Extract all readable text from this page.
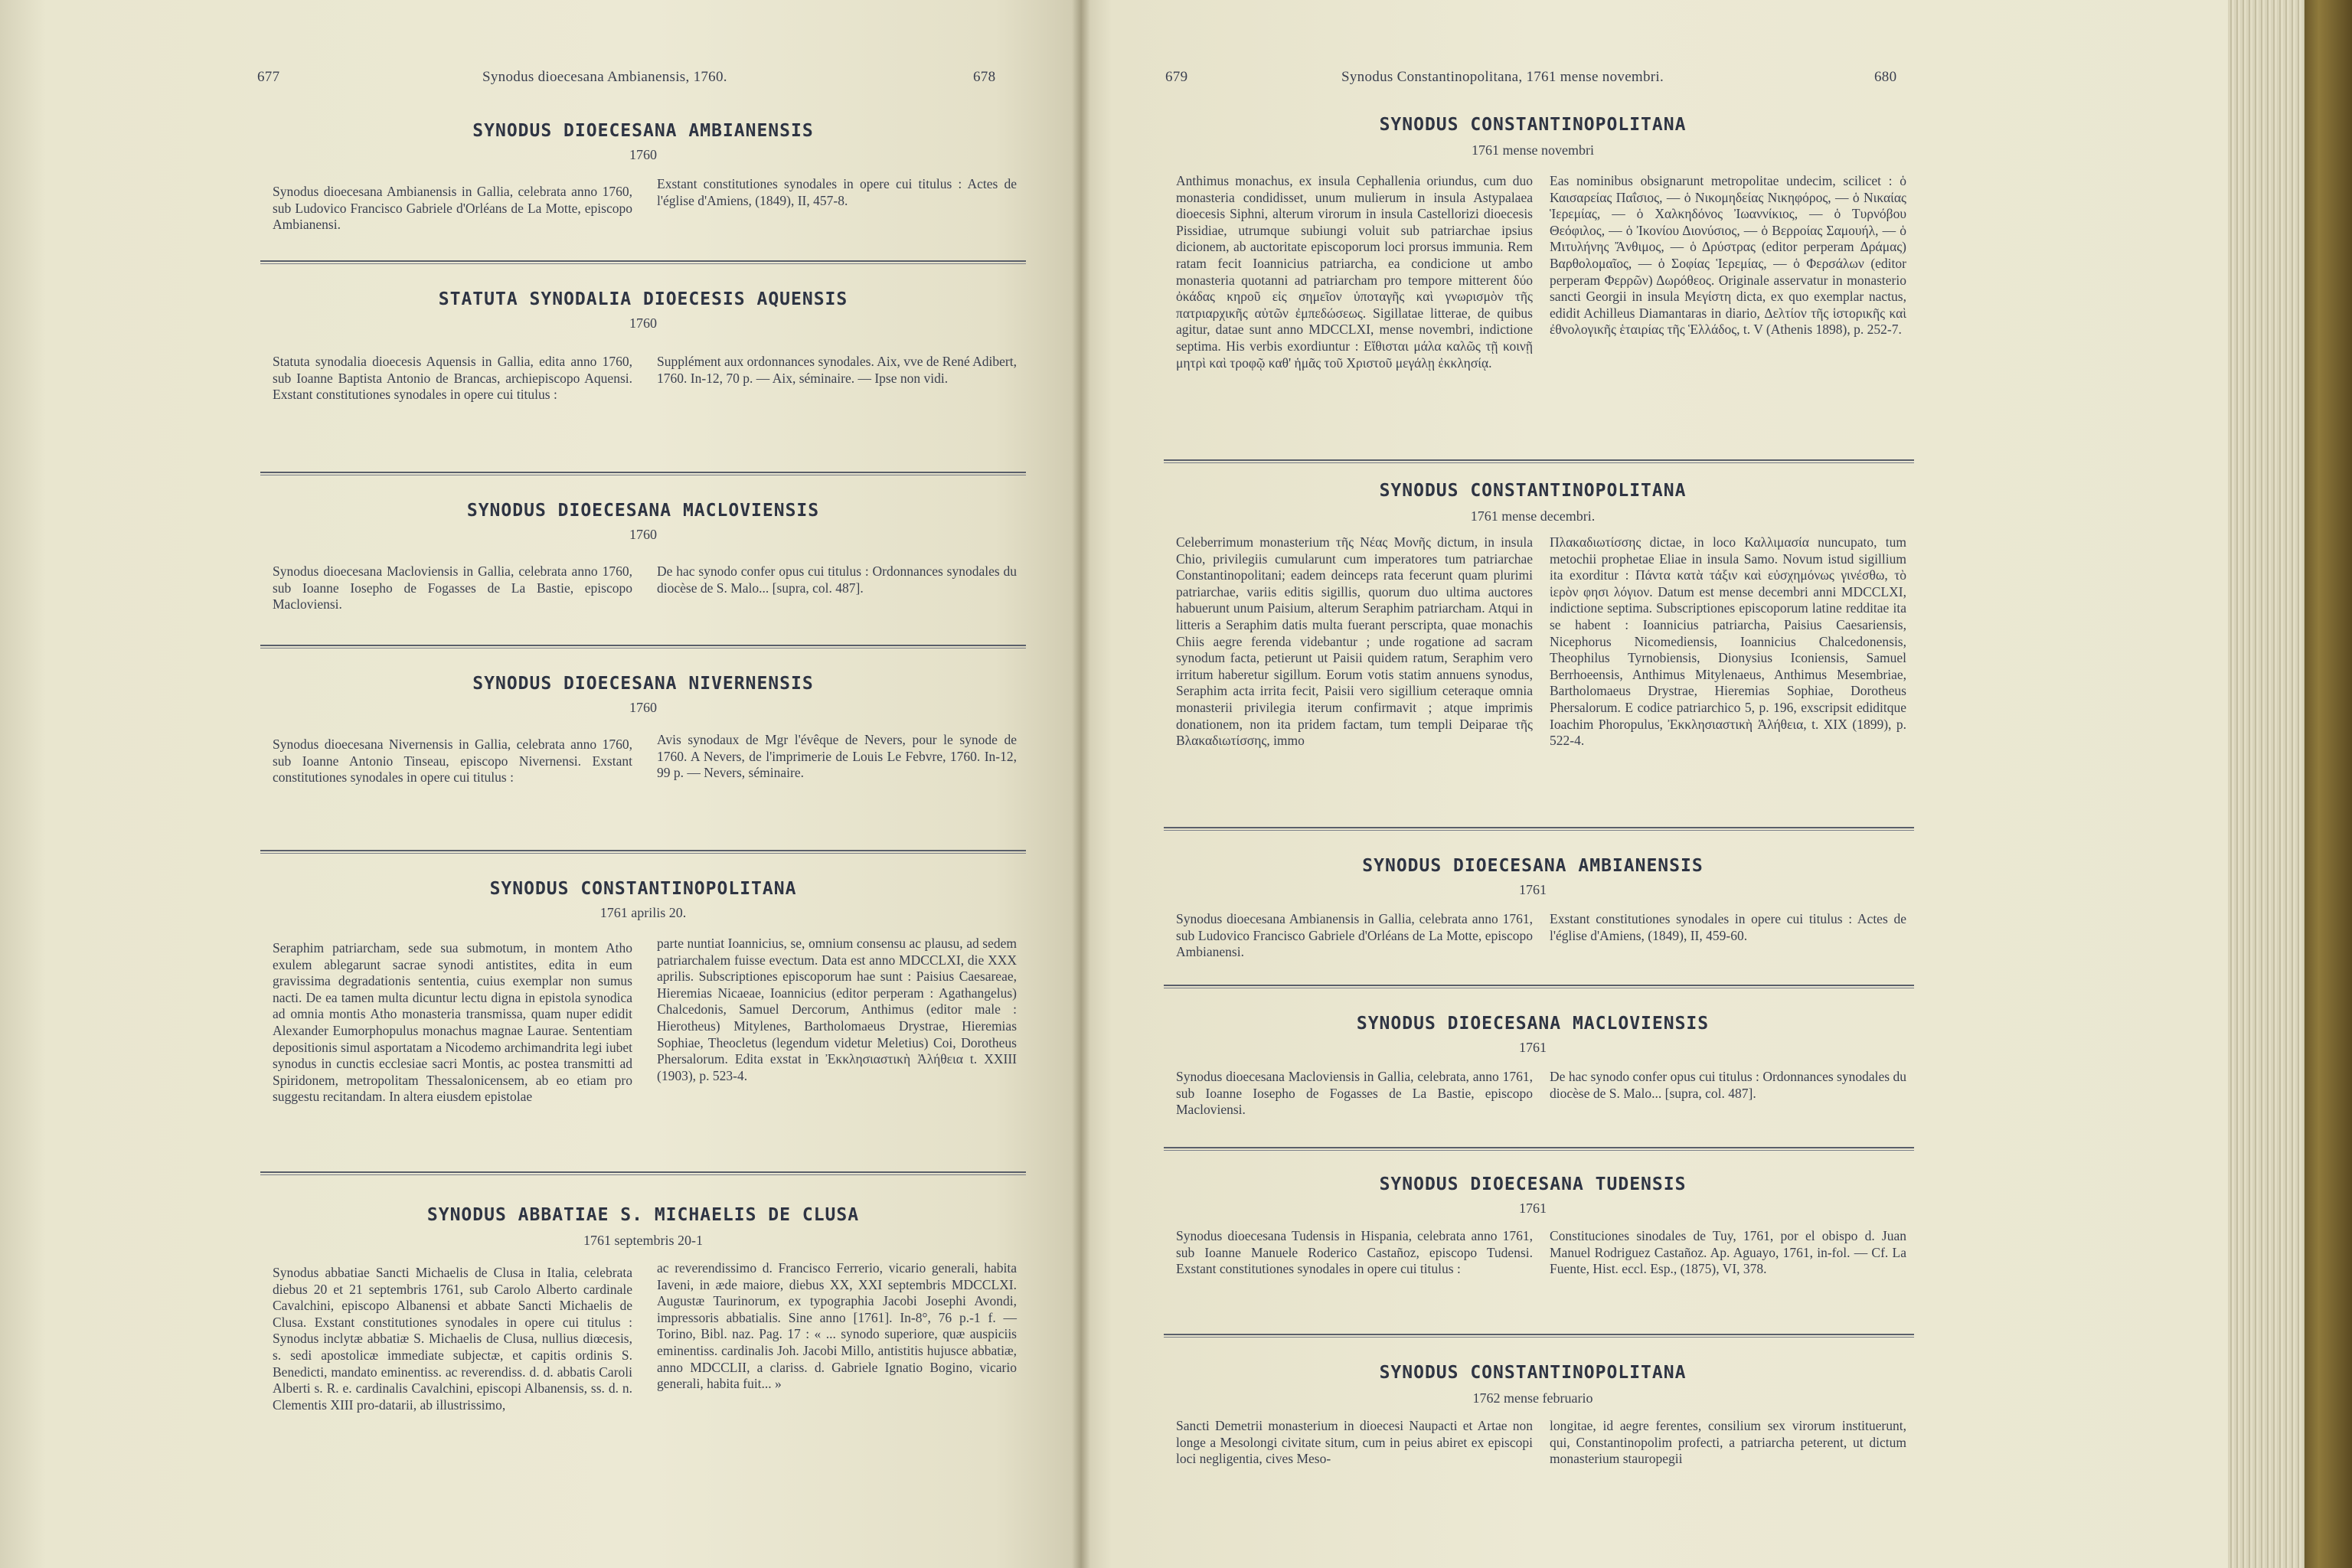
677	Synodus dioecesana Ambianensis, 1760.	678
SYNODUS DIOECESANA AMBIANENSIS
1760
Synodus dioecesana Ambianensis in Gallia, celebrata anno 1760, sub Ludovico Francisco Gabriele d'Orléans de La Motte, episcopo Ambianensi.
Exstant constitutiones synodales in opere cui titulus : Actes de l'église d'Amiens, (1849), II, 457-8.
STATUTA SYNODALIA DIOECESIS AQUENSIS
1760
Statuta synodalia dioecesis Aquensis in Gallia, edita anno 1760, sub Ioanne Baptista Antonio de Brancas, archiepiscopo Aquensi. Exstant constitutiones synodales in opere cui titulus :
Supplément aux ordonnances synodales. Aix, vve de René Adibert, 1760. In-12, 70 p. — Aix, séminaire. — Ipse non vidi.
SYNODUS DIOECESANA MACLOVIENSIS
1760
Synodus dioecesana Macloviensis in Gallia, celebrata anno 1760, sub Ioanne Iosepho de Fogasses de La Bastie, episcopo Macloviensi.
De hac synodo confer opus cui titulus : Ordonnances synodales du diocèse de S. Malo... [supra, col. 487].
SYNODUS DIOECESANA NIVERNENSIS
1760
Synodus dioecesana Nivernensis in Gallia, celebrata anno 1760, sub Ioanne Antonio Tinseau, episcopo Nivernensi. Exstant constitutiones synodales in opere cui titulus :
Avis synodaux de Mgr l'évêque de Nevers, pour le synode de 1760. A Nevers, de l'imprimerie de Louis Le Febvre, 1760. In-12, 99 p. — Nevers, séminaire.
SYNODUS CONSTANTINOPOLITANA
1761 aprilis 20.
Seraphim patriarcham, sede sua submotum, in montem Atho exulem ablegarunt sacrae synodi antistites, edita in eum gravissima degradationis sententia, cuius exemplar non sumus nacti. De ea tamen multa dicuntur lectu digna in epistola synodica ad omnia montis Atho monasteria transmissa, quam nuper edidit Alexander Eumorphopulus monachus magnae Laurae. Sententiam depositionis simul asportatam a Nicodemo archimandrita legi iubet synodus in cunctis ecclesiae sacri Montis, ac postea transmitti ad Spiridonem, metropolitam Thessalonicensem, ab eo etiam pro suggestu recitandam. In altera eiusdem epistolae
parte nuntiat Ioannicius, se, omnium consensu ac plausu, ad sedem patriarchalem fuisse evectum. Data est anno MDCCLXI, die XXX aprilis. Subscriptiones episcoporum hae sunt : Paisius Caesareae, Hieremias Nicaeae, Ioannicius (editor perperam : Agathangelus) Chalcedonis, Samuel Dercorum, Anthimus (editor male : Hierotheus) Mitylenes, Bartholomaeus Drystrae, Hieremias Sophiae, Theocletus (legendum videtur Meletius) Coi, Dorotheus Phersalorum. Edita exstat in Ἐκκλησιαστικὴ Ἀλήθεια t. XXIII (1903), p. 523-4.
SYNODUS ABBATIAE S. MICHAELIS DE CLUSA
1761 septembris 20-1
Synodus abbatiae Sancti Michaelis de Clusa in Italia, celebrata diebus 20 et 21 septembris 1761, sub Carolo Alberto cardinale Cavalchini, episcopo Albanensi et abbate Sancti Michaelis de Clusa. Exstant constitutiones synodales in opere cui titulus : Synodus inclytæ abbatiæ S. Michaelis de Clusa, nullius diœcesis, s. sedi apostolicæ immediate subjectæ, et capitis ordinis S. Benedicti, mandato eminentiss. ac reverendiss. d. d. abbatis Caroli Alberti s. R. e. cardinalis Cavalchini, episcopi Albanensis, ss. d. n. Clementis XIII pro-datarii, ab illustrissimo,
ac reverendissimo d. Francisco Ferrerio, vicario generali, habita Iaveni, in æde maiore, diebus XX, XXI septembris MDCCLXI. Augustæ Taurinorum, ex typographia Jacobi Josephi Avondi, impressoris abbatialis. Sine anno [1761]. In-8°, 76 p.-1 f. — Torino, Bibl. naz. Pag. 17 : « ... synodo superiore, quæ auspiciis eminentiss. cardinalis Joh. Jacobi Millo, antistitis hujusce abbatiæ, anno MDCCLII, a clariss. d. Gabriele Ignatio Bogino, vicario generali, habita fuit... »
679	Synodus Constantinopolitana, 1761 mense novembri.	680
SYNODUS CONSTANTINOPOLITANA
1761 mense novembri
Anthimus monachus, ex insula Cephallenia oriundus, cum duo monasteria condidisset, unum mulierum in insula Astypalaea dioecesis Siphni, alterum virorum in insula Castellorizi dioecesis Pissidiae, utrumque subiungi voluit sub patriarchae ipsius dicionem, ab auctoritate episcoporum loci prorsus immunia. Rem ratam fecit Ioannicius patriarcha, ea condicione ut ambo monasteria quotanni ad patriarcham pro tempore mitterent δύο ὀκάδας κηροῦ εἰς σημεῖον ὑποταγῆς καὶ γνωρισμὸν τῆς πατριαρχικῆς αὐτῶν ἐμπεδώσεως. Sigillatae litterae, de quibus agitur, datae sunt anno MDCCLXI, mense novembri, indictione septima. His verbis exordiuntur : Εἴθισται μάλα καλῶς τῇ κοινῇ μητρὶ καὶ τροφῷ καθ' ἡμᾶς τοῦ Χριστοῦ μεγάλῃ ἐκκλησίᾳ.
Eas nominibus obsignarunt metropolitae undecim, scilicet : ὁ Καισαρείας Παΐσιος, — ὁ Νικομηδείας Νικηφόρος, — ὁ Νικαίας Ἱερεμίας, — ὁ Χαλκηδόνος Ἰωαννίκιος, — ὁ Τυρνόβου Θεόφιλος, — ὁ Ἰκονίου Διονύσιος, — ὁ Βερροίας Σαμουήλ, — ὁ Μιτυλήνης Ἄνθιμος, — ὁ Δρύστρας (editor perperam Δράμας) Βαρθολομαῖος, — ὁ Σοφίας Ἱερεμίας, — ὁ Φερσάλων (editor perperam Φερρῶν) Δωρόθεος. Originale asservatur in monasterio sancti Georgii in insula Μεγίστη dicta, ex quo exemplar nactus, edidit Achilleus Diamantaras in diario, Δελτίον τῆς ἱστορικῆς καὶ ἐθνολογικῆς ἑταιρίας τῆς Ἑλλάδος, t. V (Athenis 1898), p. 252-7.
SYNODUS CONSTANTINOPOLITANA
1761 mense decembri.
Celeberrimum monasterium τῆς Νέας Μονῆς dictum, in insula Chio, privilegiis cumularunt cum imperatores tum patriarchae Constantinopolitani; eadem deinceps rata fecerunt quam plurimi patriarchae, variis editis sigillis, quorum duo ultima auctores habuerunt unum Paisium, alterum Seraphim patriarcham. Atqui in litteris a Seraphim datis multa fuerant perscripta, quae monachis Chiis aegre ferenda videbantur ; unde rogatione ad sacram synodum facta, petierunt ut Paisii quidem ratum, Seraphim vero irritum haberetur sigillum. Eorum votis statim annuens synodus, Seraphim acta irrita fecit, Paisii vero sigillium ceteraque omnia monasterii privilegia iterum confirmavit ; atque imprimis donationem, non ita pridem factam, tum templi Deiparae τῆς Βλακαδιωτίσσης, immo
Πλακαδιωτίσσης dictae, in loco Καλλιμασία nuncupato, tum metochii prophetae Eliae in insula Samo. Novum istud sigillium ita exorditur : Πάντα κατὰ τάξιν καὶ εὐσχημόνως γινέσθω, τὸ ἱερὸν φησι λόγιον. Datum est mense decembri anni MDCCLXI, indictione septima. Subscriptiones episcoporum latine redditae ita se habent : Ioannicius patriarcha, Paisius Caesariensis, Nicephorus Nicomediensis, Ioannicius Chalcedonensis, Theophilus Tyrnobiensis, Dionysius Iconiensis, Samuel Berrhoeensis, Anthimus Mitylenaeus, Anthimus Mesembriae, Bartholomaeus Drystrae, Hieremias Sophiae, Dorotheus Phersalorum. E codice patriarchico 5, p. 196, exscripsit ediditque Ioachim Phoropulus, Ἐκκλησιαστικὴ Ἀλήθεια, t. XIX (1899), p. 522-4.
SYNODUS DIOECESANA AMBIANENSIS
1761
Synodus dioecesana Ambianensis in Gallia, celebrata anno 1761, sub Ludovico Francisco Gabriele d'Orléans de La Motte, episcopo Ambianensi.
Exstant constitutiones synodales in opere cui titulus : Actes de l'église d'Amiens, (1849), II, 459-60.
SYNODUS DIOECESANA MACLOVIENSIS
1761
Synodus dioecesana Macloviensis in Gallia, celebrata, anno 1761, sub Ioanne Iosepho de Fogasses de La Bastie, episcopo Macloviensi.
De hac synodo confer opus cui titulus : Ordonnances synodales du diocèse de S. Malo... [supra, col. 487].
SYNODUS DIOECESANA TUDENSIS
1761
Synodus dioecesana Tudensis in Hispania, celebrata anno 1761, sub Ioanne Manuele Roderico Castañoz, episcopo Tudensi. Exstant constitutiones synodales in opere cui titulus :
Constituciones sinodales de Tuy, 1761, por el obispo d. Juan Manuel Rodriguez Castañoz. Ap. Aguayo, 1761, in-fol. — Cf. La Fuente, Hist. eccl. Esp., (1875), VI, 378.
SYNODUS CONSTANTINOPOLITANA
1762 mense februario
Sancti Demetrii monasterium in dioecesi Naupacti et Artae non longe a Mesolongi civitate situm, cum in peius abiret ex episcopi loci negligentia, cives Meso-
longitae, id aegre ferentes, consilium sex virorum instituerunt, qui, Constantinopolim profecti, a patriarcha peterent, ut dictum monasterium stauropegii
